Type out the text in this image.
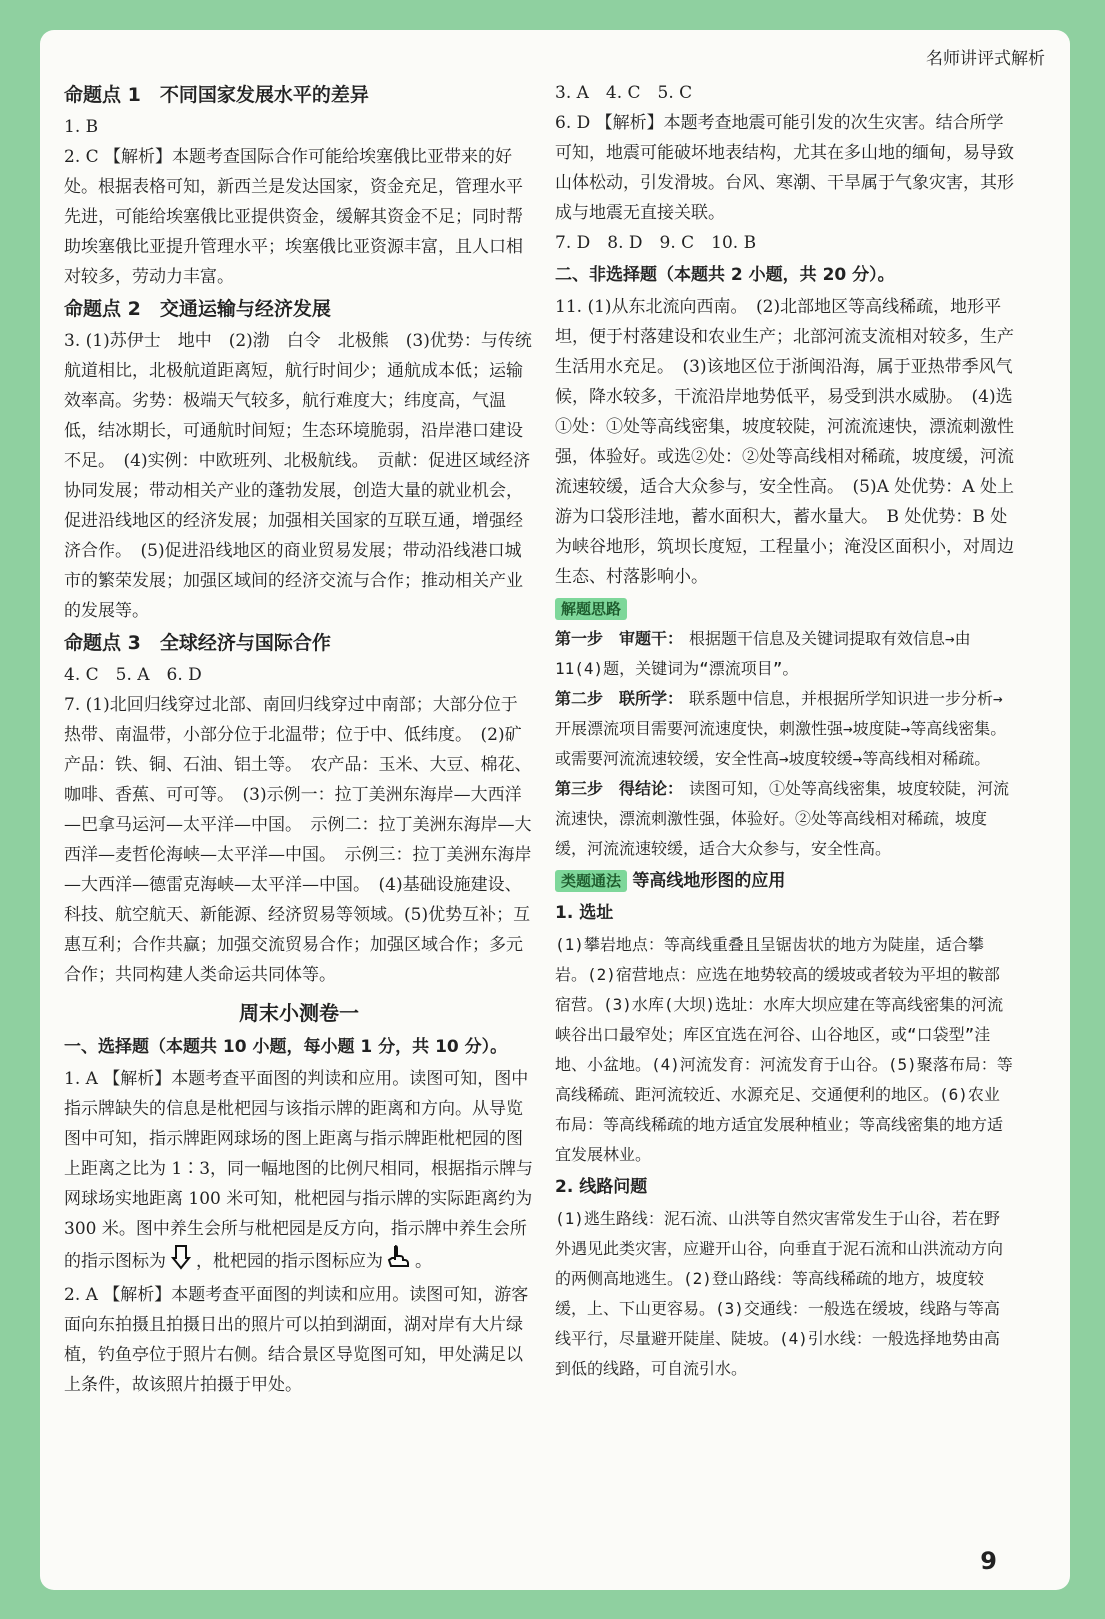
名师讲评式解析
命题点 1　不同国家发展水平的差异

1. B

2. C 【解析】本题考查国际合作可能给埃塞俄比亚带来的好处。根据表格可知，新西兰是发达国家，资金充足，管理水平先进，可能给埃塞俄比亚提供资金，缓解其资金不足；同时帮助埃塞俄比亚提升管理水平；埃塞俄比亚资源丰富，且人口相对较多，劳动力丰富。

命题点 2　交通运输与经济发展

3. (1)苏伊士　地中　(2)渤　白令　北极熊　(3)优势：与传统航道相比，北极航道距离短，航行时间少；通航成本低；运输效率高。劣势：极端天气较多，航行难度大；纬度高，气温低，结冰期长，可通航时间短；生态环境脆弱，沿岸港口建设不足。　(4)实例：中欧班列、北极航线。　贡献：促进区域经济协同发展；带动相关产业的蓬勃发展，创造大量的就业机会，促进沿线地区的经济发展；加强相关国家的互联互通，增强经济合作。　(5)促进沿线地区的商业贸易发展；带动沿线港口城市的繁荣发展；加强区域间的经济交流与合作；推动相关产业的发展等。

命题点 3　全球经济与国际合作

4. C　5. A　6. D

7. (1)北回归线穿过北部、南回归线穿过中南部；大部分位于热带、南温带，小部分位于北温带；位于中、低纬度。　(2)矿产品：铁、铜、石油、铝土等。　农产品：玉米、大豆、棉花、咖啡、香蕉、可可等。　(3)示例一：拉丁美洲东海岸—大西洋—巴拿马运河—太平洋—中国。　示例二：拉丁美洲东海岸—大西洋—麦哲伦海峡—太平洋—中国。　示例三：拉丁美洲东海岸—大西洋—德雷克海峡—太平洋—中国。　(4)基础设施建设、科技、航空航天、新能源、经济贸易等领域。(5)优势互补；互惠互利；合作共赢；加强交流贸易合作；加强区域合作；多元合作；共同构建人类命运共同体等。

周末小测卷一
一、选择题（本题共 10 小题，每小题 1 分，共 10 分）。

1. A 【解析】本题考查平面图的判读和应用。读图可知，图中指示牌缺失的信息是枇杷园与该指示牌的距离和方向。从导览图中可知，指示牌距网球场的图上距离与指示牌距枇杷园的图上距离之比为 1∶3，同一幅地图的比例尺相同，根据指示牌与网球场实地距离 100 米可知，枇杷园与指示牌的实际距离约为 300 米。图中养生会所与枇杷园是反方向，指示牌中养生会所的指示图标为 ，枇杷园的指示图标应为 。

2. A 【解析】本题考查平面图的判读和应用。读图可知，游客面向东拍摄且拍摄日出的照片可以拍到湖面，湖对岸有大片绿植，钓鱼亭位于照片右侧。结合景区导览图可知，甲处满足以上条件，故该照片拍摄于甲处。

3. A　4. C　5. C

6. D 【解析】本题考查地震可能引发的次生灾害。结合所学可知，地震可能破坏地表结构，尤其在多山地的缅甸，易导致山体松动，引发滑坡。台风、寒潮、干旱属于气象灾害，其形成与地震无直接关联。

7. D　8. D　9. C　10. B

二、非选择题（本题共 2 小题，共 20 分）。

11. (1)从东北流向西南。　(2)北部地区等高线稀疏，地形平坦，便于村落建设和农业生产；北部河流支流相对较多，生产生活用水充足。　(3)该地区位于浙闽沿海，属于亚热带季风气候，降水较多，干流沿岸地势低平，易受到洪水威胁。　(4)选①处：①处等高线密集，坡度较陡，河流流速快，漂流刺激性强，体验好。或选②处：②处等高线相对稀疏，坡度缓，河流流速较缓，适合大众参与，安全性高。　(5)A 处优势：A 处上游为口袋形洼地，蓄水面积大，蓄水量大。　B 处优势：B 处为峡谷地形，筑坝长度短，工程量小；淹没区面积小，对周边生态、村落影响小。

解题思路

第一步　审题干： 根据题干信息及关键词提取有效信息→由 11(4)题，关键词为“漂流项目”。

第二步　联所学： 联系题中信息，并根据所学知识进一步分析→开展漂流项目需要河流速度快，刺激性强→坡度陡→等高线密集。或需要河流流速较缓，安全性高→坡度较缓→等高线相对稀疏。

第三步　得结论： 读图可知，①处等高线密集，坡度较陡，河流流速快，漂流刺激性强，体验好。②处等高线相对稀疏，坡度缓，河流流速较缓，适合大众参与，安全性高。

类题通法 等高线地形图的应用
1. 选址

(1)攀岩地点：等高线重叠且呈锯齿状的地方为陡崖，适合攀岩。(2)宿营地点：应选在地势较高的缓坡或者较为平坦的鞍部宿营。(3)水库(大坝)选址：水库大坝应建在等高线密集的河流峡谷出口最窄处；库区宜选在河谷、山谷地区，或“口袋型”洼地、小盆地。(4)河流发育：河流发育于山谷。(5)聚落布局：等高线稀疏、距河流较近、水源充足、交通便利的地区。(6)农业布局：等高线稀疏的地方适宜发展种植业；等高线密集的地方适宜发展林业。

2. 线路问题

(1)逃生路线：泥石流、山洪等自然灾害常发生于山谷，若在野外遇见此类灾害，应避开山谷，向垂直于泥石流和山洪流动方向的两侧高地逃生。(2)登山路线：等高线稀疏的地方，坡度较缓，上、下山更容易。(3)交通线：一般选在缓坡，线路与等高线平行，尽量避开陡崖、陡坡。(4)引水线：一般选择地势由高到低的线路，可自流引水。

9
